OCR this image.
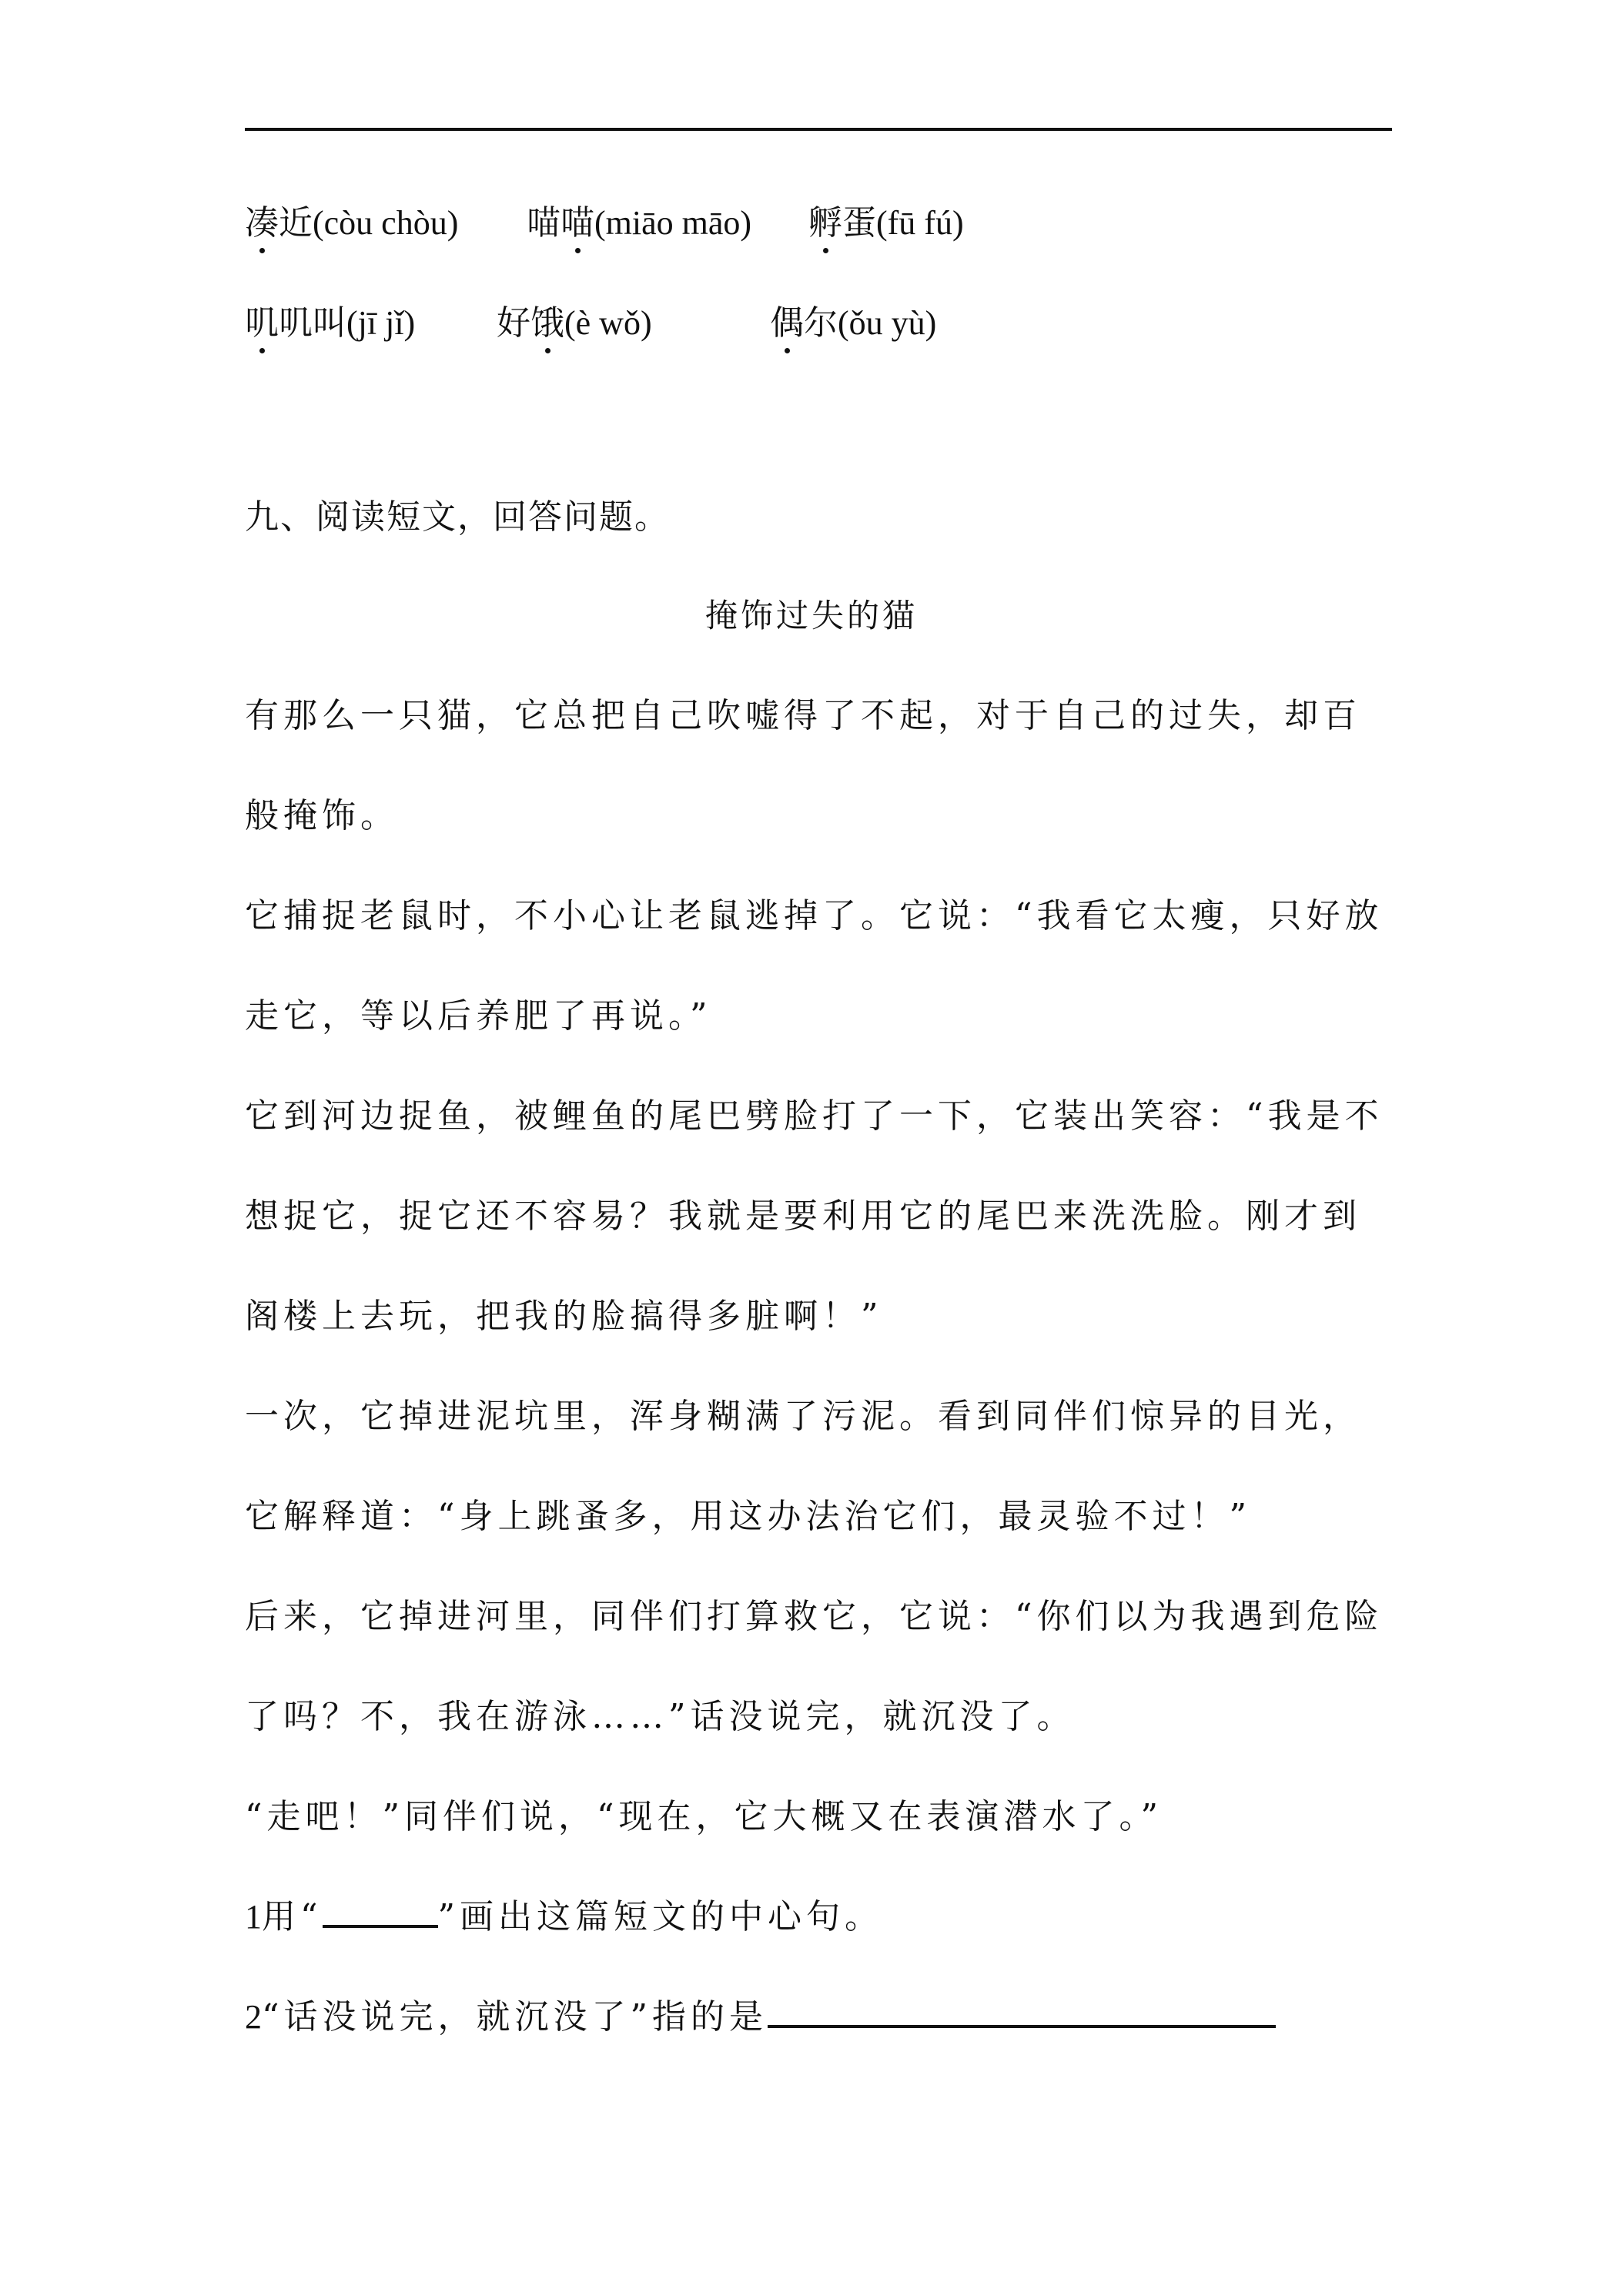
凑近(còu chòu) 喵喵(miāo māo) 孵蛋(fū fú)
叽叽叫(jī jǐ) 好饿(è wǒ)	偶尔(ǒu yù)
九、阅读短文，回答问题。
掩饰过失的猫
有那么一只猫，它总把自己吹嘘得了不起，对于自己的过失，却百
般掩饰。
它捕捉老鼠时，不小心让老鼠逃掉了。它说：“我看它太瘦，只好放
走它，等以后养肥了再说。”
它到河边捉鱼，被鲤鱼的尾巴劈脸打了一下，它装出笑容：“我是不
想捉它，捉它还不容易？我就是要利用它的尾巴来洗洗脸。刚才到
阁楼上去玩，把我的脸搞得多脏啊！”
一次，它掉进泥坑里，浑身糊满了污泥。看到同伴们惊异的目光，
它解释道：“身上跳蚤多，用这办法治它们，最灵验不过！”
后来，它掉进河里，同伴们打算救它，它说：“你们以为我遇到危险
了吗？不，我在游泳……”话没说完，就沉没了。
“走吧！”同伴们说，“现在，它大概又在表演潜水了。”
1用“	”画出这篇短文的中心句。
2“话没说完，就沉没了”指的是
